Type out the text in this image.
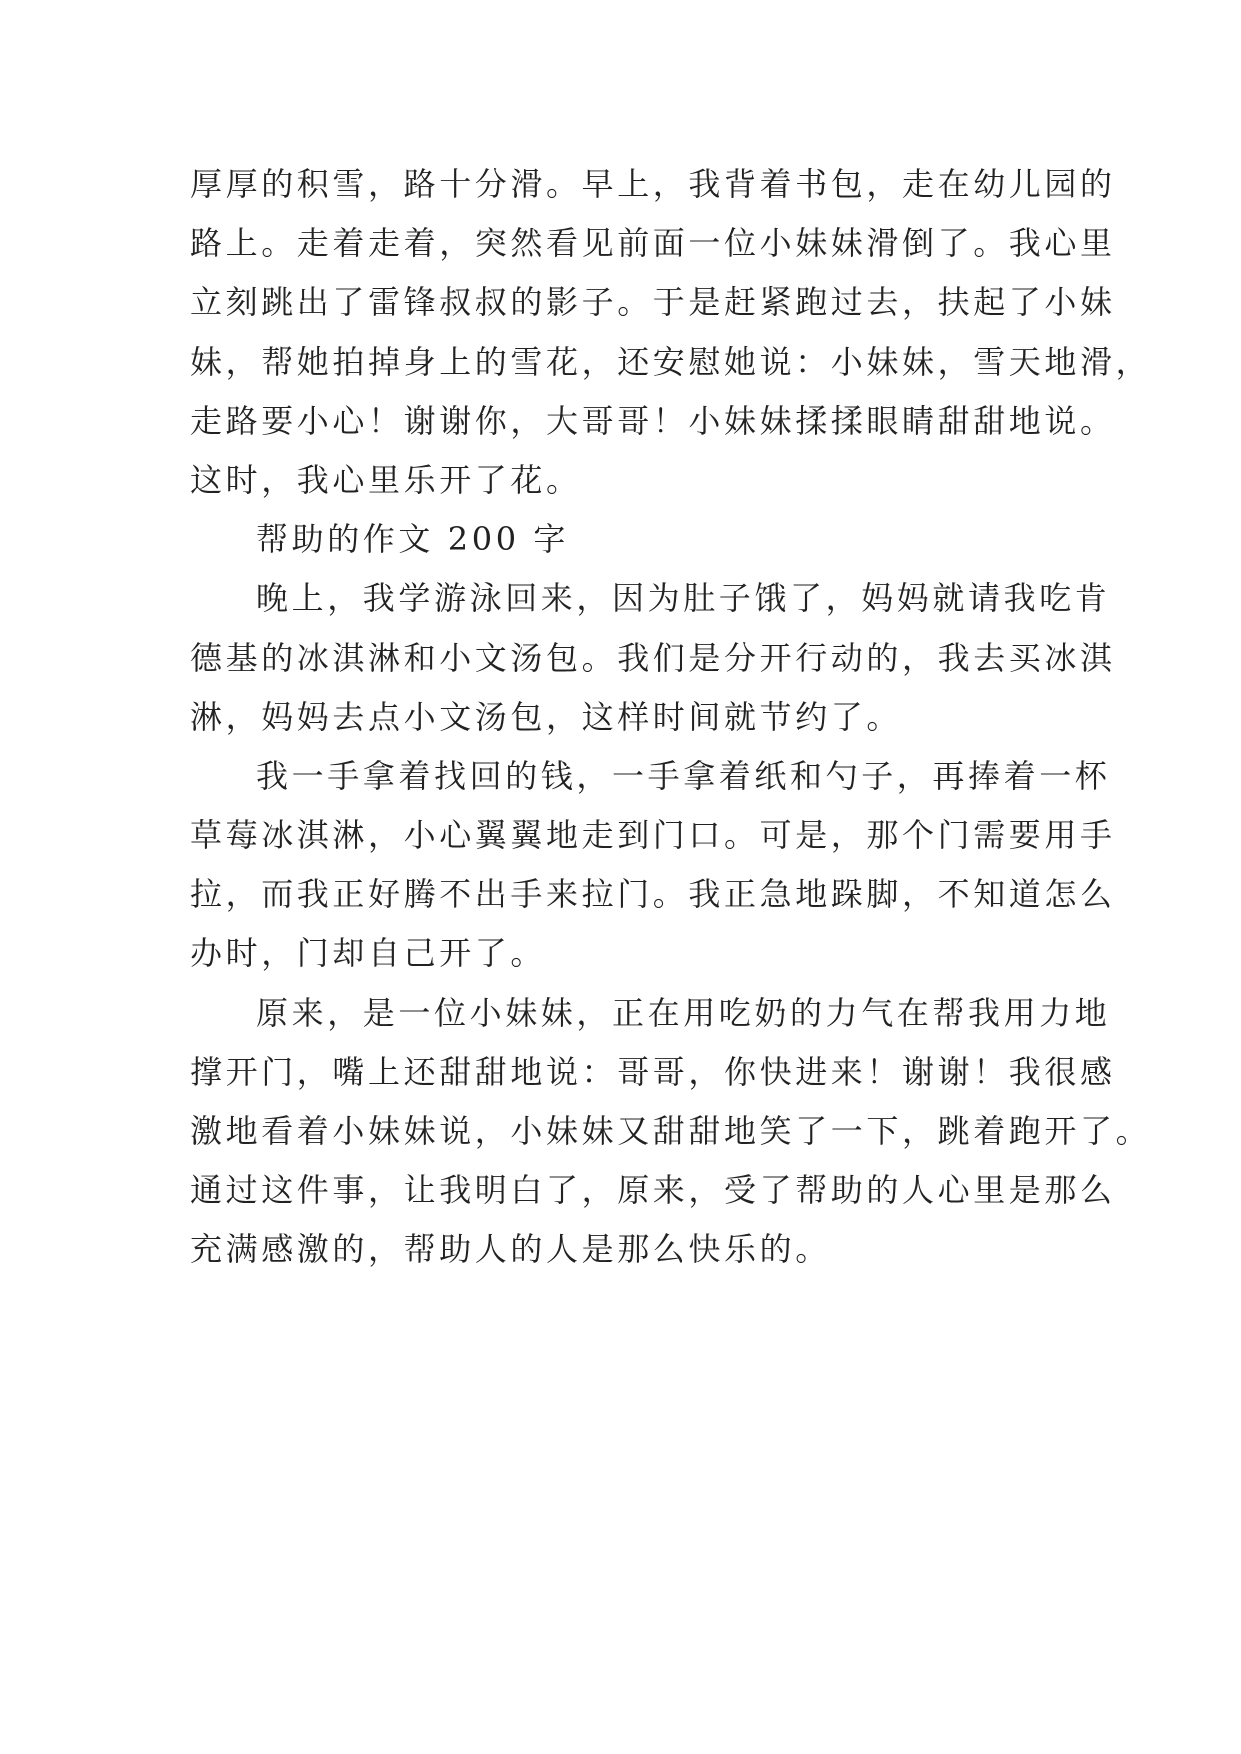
厚厚的积雪，路十分滑。早上，我背着书包，走在幼儿园的
路上。走着走着，突然看见前面一位小妹妹滑倒了。我心里
立刻跳出了雷锋叔叔的影子。于是赶紧跑过去，扶起了小妹
妹，帮她拍掉身上的雪花，还安慰她说：小妹妹，雪天地滑，
走路要小心！谢谢你，大哥哥！小妹妹揉揉眼睛甜甜地说。
这时，我心里乐开了花。
帮助的作文 200 字
晚上，我学游泳回来，因为肚子饿了，妈妈就请我吃肯
德基的冰淇淋和小文汤包。我们是分开行动的，我去买冰淇
淋，妈妈去点小文汤包，这样时间就节约了。
我一手拿着找回的钱，一手拿着纸和勺子，再捧着一杯
草莓冰淇淋，小心翼翼地走到门口。可是，那个门需要用手
拉，而我正好腾不出手来拉门。我正急地跺脚，不知道怎么
办时，门却自己开了。
原来，是一位小妹妹，正在用吃奶的力气在帮我用力地
撑开门，嘴上还甜甜地说：哥哥，你快进来！谢谢！我很感
激地看着小妹妹说，小妹妹又甜甜地笑了一下，跳着跑开了。
通过这件事，让我明白了，原来，受了帮助的人心里是那么
充满感激的，帮助人的人是那么快乐的。
